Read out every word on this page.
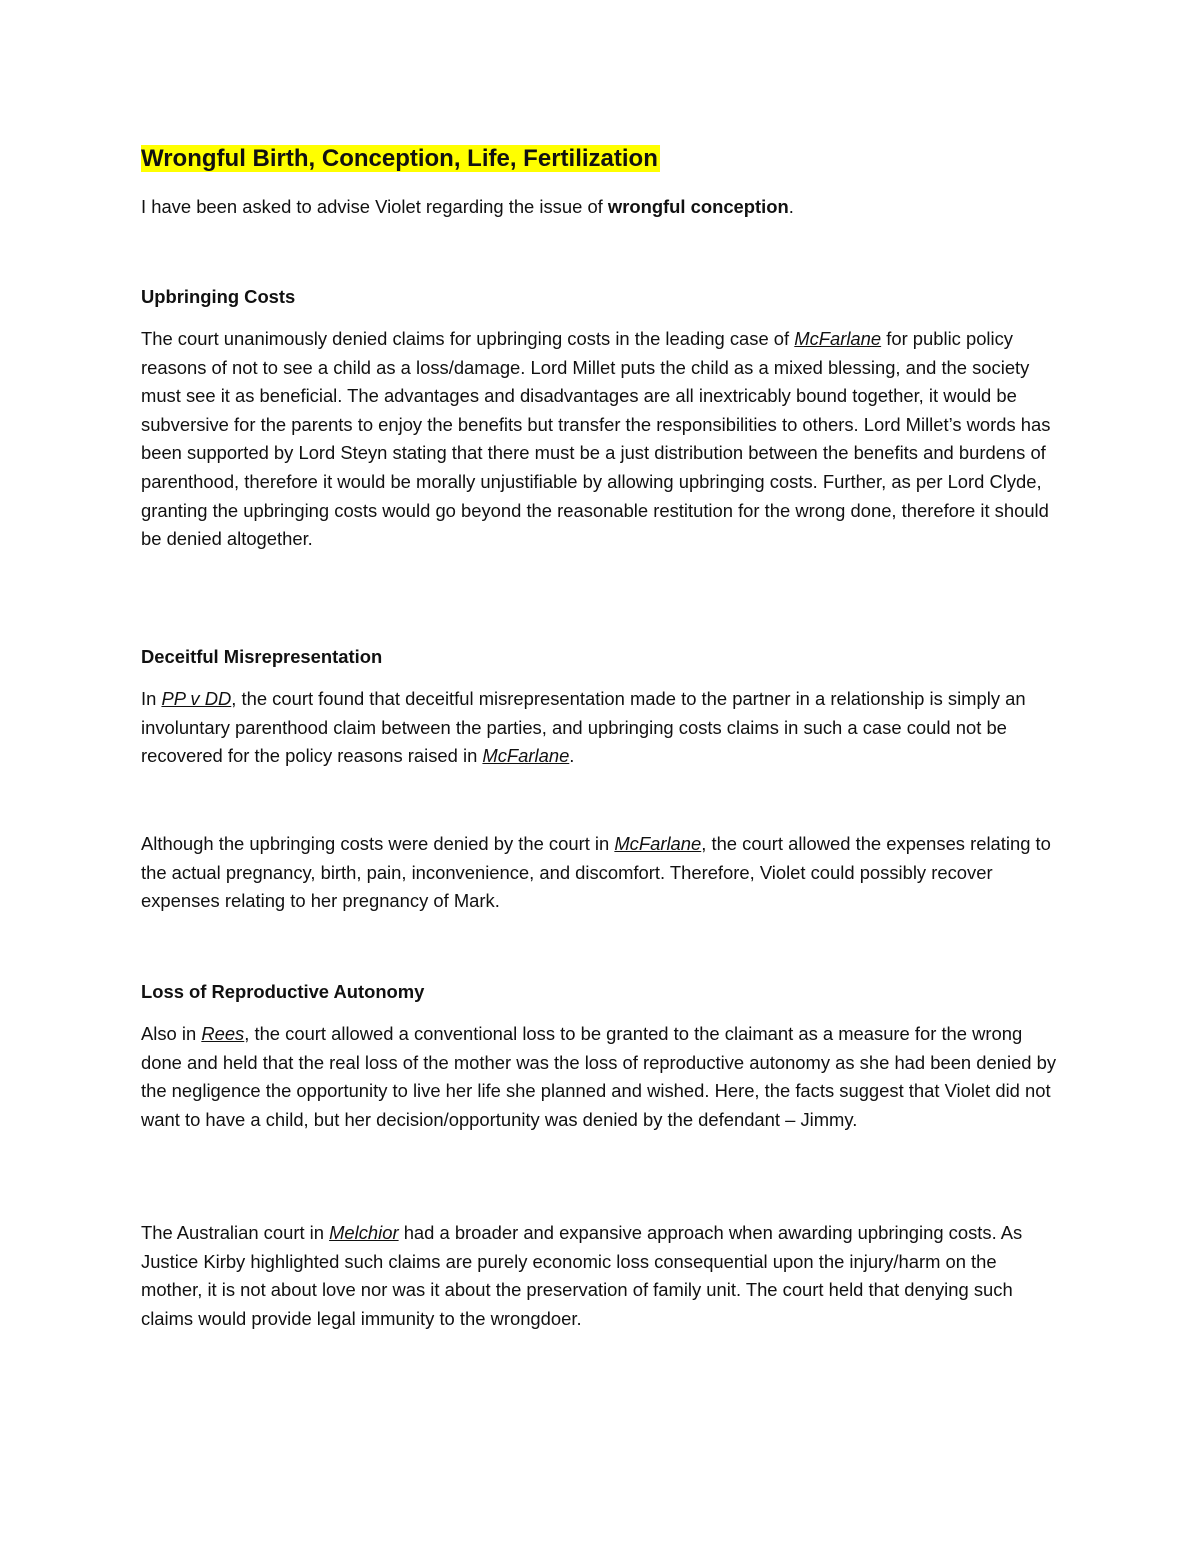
Wrongful Birth, Conception, Life, Fertilization

I have been asked to advise Violet regarding the issue of wrongful conception.

Upbringing Costs

The court unanimously denied claims for upbringing costs in the leading case of McFarlane for public policy reasons of not to see a child as a loss/damage. Lord Millet puts the child as a mixed blessing, and the society must see it as beneficial. The advantages and disadvantages are all inextricably bound together, it would be subversive for the parents to enjoy the benefits but transfer the responsibilities to others. Lord Millet’s words has been supported by Lord Steyn stating that there must be a just distribution between the benefits and burdens of parenthood, therefore it would be morally unjustifiable by allowing upbringing costs. Further, as per Lord Clyde, granting the upbringing costs would go beyond the reasonable restitution for the wrong done, therefore it should be denied altogether.

Deceitful Misrepresentation

In PP v DD, the court found that deceitful misrepresentation made to the partner in a relationship is simply an involuntary parenthood claim between the parties, and upbringing costs claims in such a case could not be recovered for the policy reasons raised in McFarlane.

Although the upbringing costs were denied by the court in McFarlane, the court allowed the expenses relating to the actual pregnancy, birth, pain, inconvenience, and discomfort. Therefore, Violet could possibly recover expenses relating to her pregnancy of Mark.

Loss of Reproductive Autonomy

Also in Rees, the court allowed a conventional loss to be granted to the claimant as a measure for the wrong done and held that the real loss of the mother was the loss of reproductive autonomy as she had been denied by the negligence the opportunity to live her life she planned and wished. Here, the facts suggest that Violet did not want to have a child, but her decision/opportunity was denied by the defendant – Jimmy.

The Australian court in Melchior had a broader and expansive approach when awarding upbringing costs. As Justice Kirby highlighted such claims are purely economic loss consequential upon the injury/harm on the mother, it is not about love nor was it about the preservation of family unit. The court held that denying such claims would provide legal immunity to the wrongdoer.
